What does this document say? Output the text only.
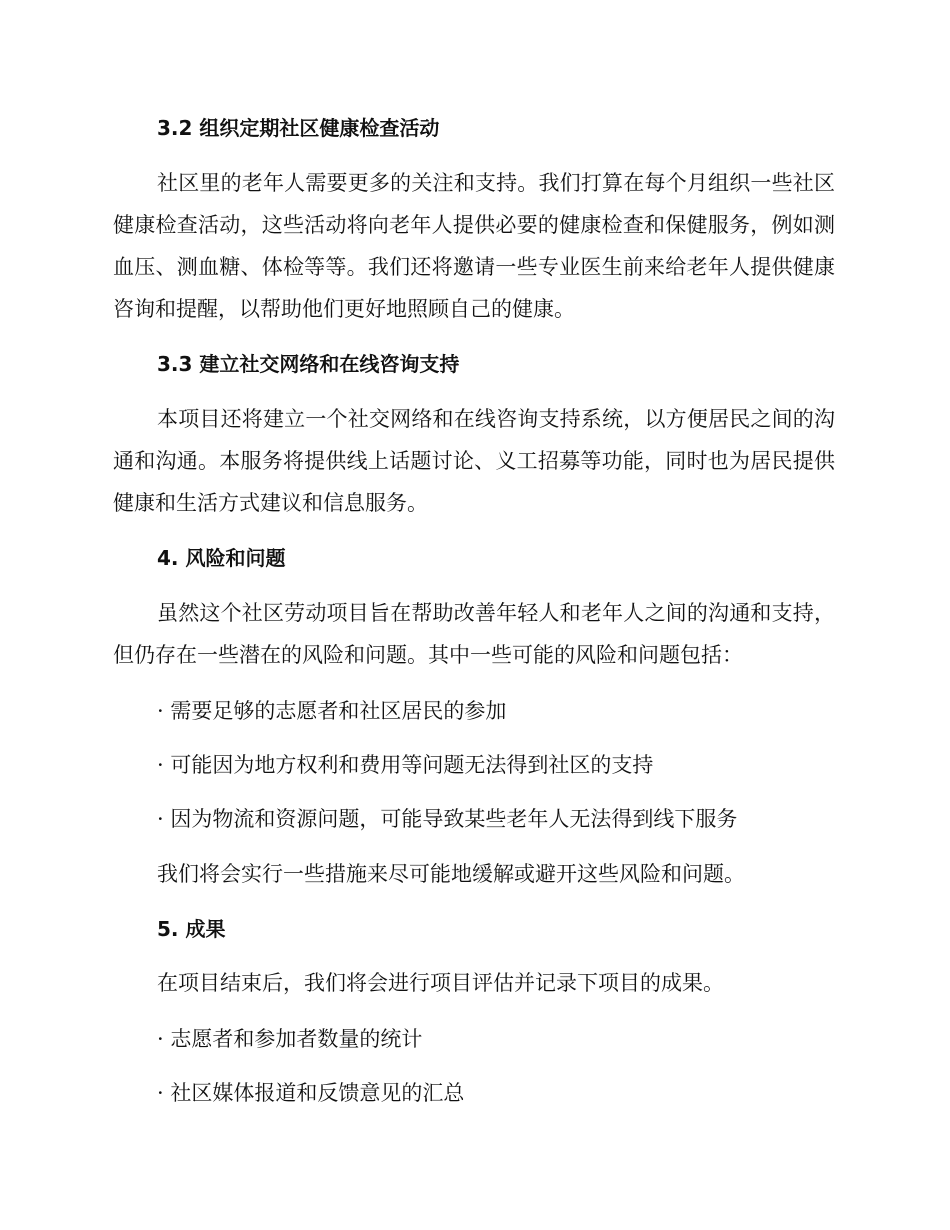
3.2 组织定期社区健康检查活动

社区里的老年人需要更多的关注和支持。我们打算在每个月组织一些社区健康检查活动，这些活动将向老年人提供必要的健康检查和保健服务，例如测血压、测血糖、体检等等。我们还将邀请一些专业医生前来给老年人提供健康咨询和提醒，以帮助他们更好地照顾自己的健康。

3.3 建立社交网络和在线咨询支持

本项目还将建立一个社交网络和在线咨询支持系统，以方便居民之间的沟通和沟通。本服务将提供线上话题讨论、义工招募等功能，同时也为居民提供健康和生活方式建议和信息服务。

4. 风险和问题

虽然这个社区劳动项目旨在帮助改善年轻人和老年人之间的沟通和支持，但仍存在一些潜在的风险和问题。其中一些可能的风险和问题包括：

· 需要足够的志愿者和社区居民的参加
· 可能因为地方权利和费用等问题无法得到社区的支持
· 因为物流和资源问题，可能导致某些老年人无法得到线下服务
我们将会实行一些措施来尽可能地缓解或避开这些风险和问题。
5. 成果
在项目结束后，我们将会进行项目评估并记录下项目的成果。
· 志愿者和参加者数量的统计
· 社区媒体报道和反馈意见的汇总
